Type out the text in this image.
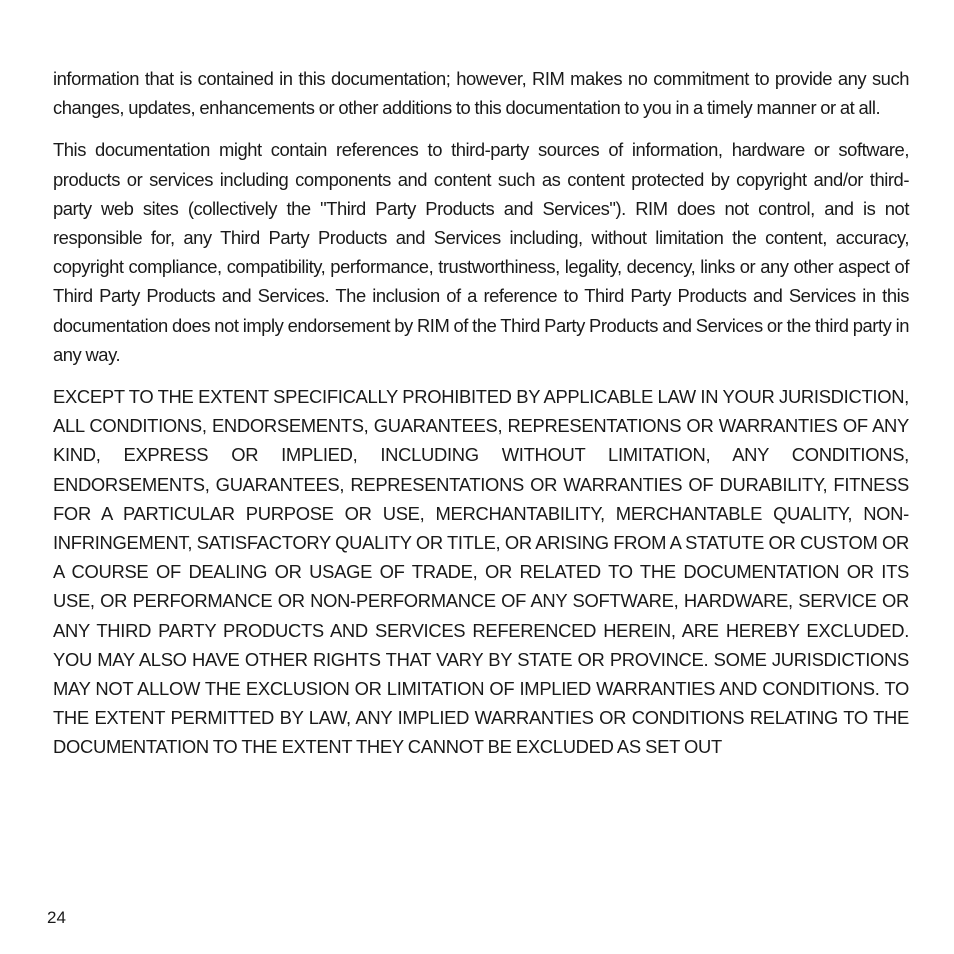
information that is contained in this documentation; however, RIM makes no commitment to provide any such changes, updates, enhancements or other additions to this documentation to you in a timely manner or at all.

This documentation might contain references to third-party sources of information, hardware or software, products or services including components and content such as content protected by copyright and/or third-party web sites (collectively the "Third Party Products and Services"). RIM does not control, and is not responsible for, any Third Party Products and Services including, without limitation the content, accuracy, copyright compliance, compatibility, performance, trustworthiness, legality, decency, links or any other aspect of Third Party Products and Services. The inclusion of a reference to Third Party Products and Services in this documentation does not imply endorsement by RIM of the Third Party Products and Services or the third party in any way.

EXCEPT TO THE EXTENT SPECIFICALLY PROHIBITED BY APPLICABLE LAW IN YOUR JURISDICTION, ALL CONDITIONS, ENDORSEMENTS, GUARANTEES, REPRESENTATIONS OR WARRANTIES OF ANY KIND, EXPRESS OR IMPLIED, INCLUDING WITHOUT LIMITATION, ANY CONDITIONS, ENDORSEMENTS, GUARANTEES, REPRESENTATIONS OR WARRANTIES OF DURABILITY, FITNESS FOR A PARTICULAR PURPOSE OR USE, MERCHANTABILITY, MERCHANTABLE QUALITY, NON-INFRINGEMENT, SATISFACTORY QUALITY OR TITLE, OR ARISING FROM A STATUTE OR CUSTOM OR A COURSE OF DEALING OR USAGE OF TRADE, OR RELATED TO THE DOCUMENTATION OR ITS USE, OR PERFORMANCE OR NON-PERFORMANCE OF ANY SOFTWARE, HARDWARE, SERVICE OR ANY THIRD PARTY PRODUCTS AND SERVICES REFERENCED HEREIN, ARE HEREBY EXCLUDED. YOU MAY ALSO HAVE OTHER RIGHTS THAT VARY BY STATE OR PROVINCE. SOME JURISDICTIONS MAY NOT ALLOW THE EXCLUSION OR LIMITATION OF IMPLIED WARRANTIES AND CONDITIONS. TO THE EXTENT PERMITTED BY LAW, ANY IMPLIED WARRANTIES OR CONDITIONS RELATING TO THE DOCUMENTATION TO THE EXTENT THEY CANNOT BE EXCLUDED AS SET OUT

24
